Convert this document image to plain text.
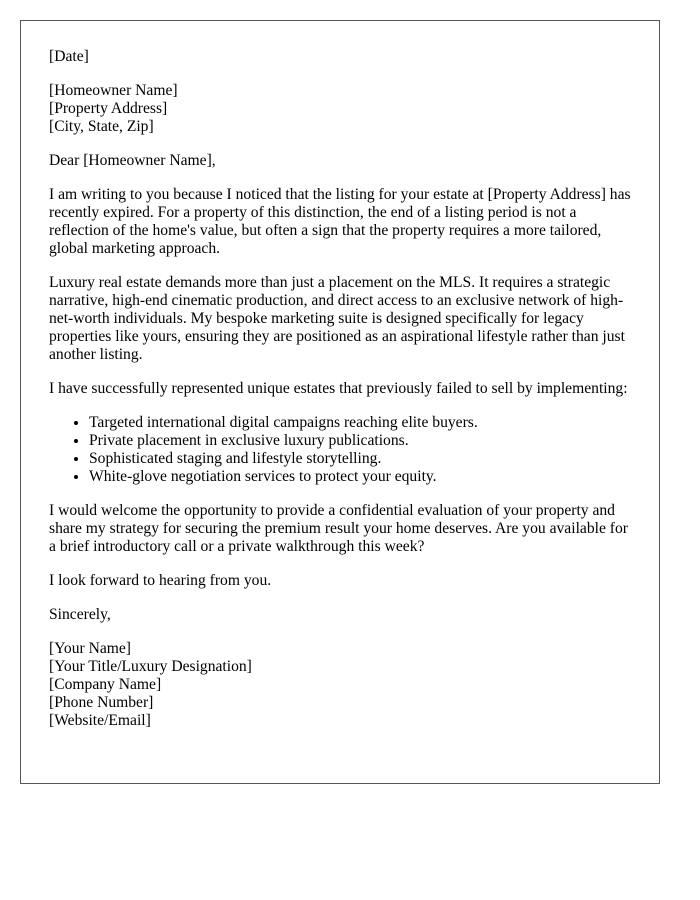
[Date]
[Homeowner Name]
[Property Address]
[City, State, Zip]

Dear [Homeowner Name],

I am writing to you because I noticed that the listing for your estate at [Property Address] has recently expired. For a property of this distinction, the end of a listing period is not a reflection of the home's value, but often a sign that the property requires a more tailored, global marketing approach.

Luxury real estate demands more than just a placement on the MLS. It requires a strategic narrative, high-end cinematic production, and direct access to an exclusive network of high-net-worth individuals. My bespoke marketing suite is designed specifically for legacy properties like yours, ensuring they are positioned as an aspirational lifestyle rather than just another listing.

I have successfully represented unique estates that previously failed to sell by implementing:

• Targeted international digital campaigns reaching elite buyers.
• Private placement in exclusive luxury publications.
• Sophisticated staging and lifestyle storytelling.
• White-glove negotiation services to protect your equity.

I would welcome the opportunity to provide a confidential evaluation of your property and share my strategy for securing the premium result your home deserves. Are you available for a brief introductory call or a private walkthrough this week?

I look forward to hearing from you.

Sincerely,

[Your Name]
[Your Title/Luxury Designation]
[Company Name]
[Phone Number]
[Website/Email]
